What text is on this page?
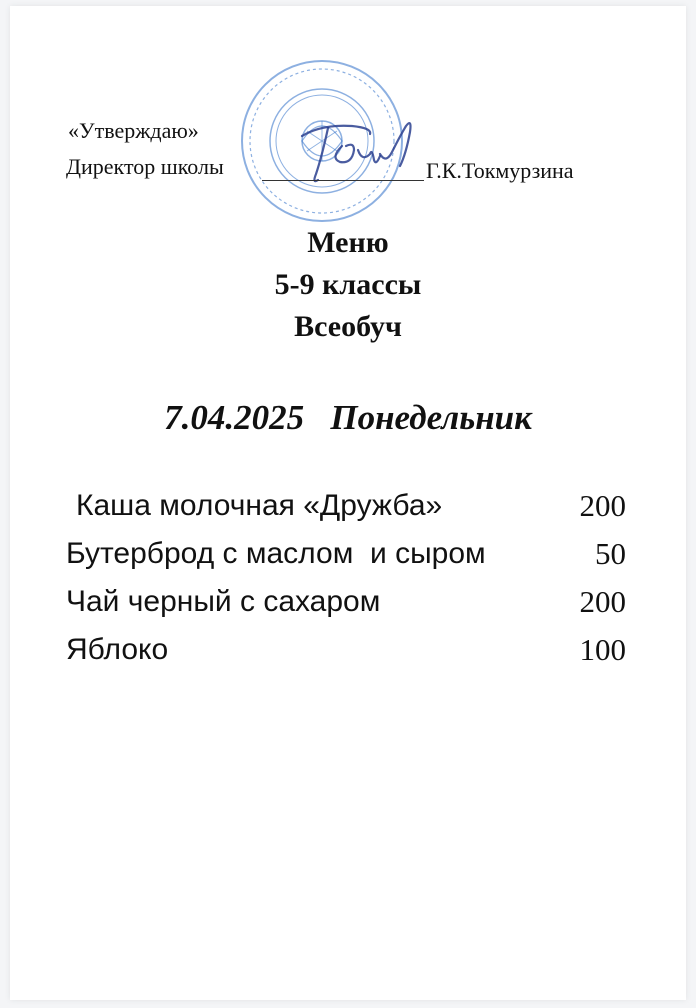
«Утверждаю»
Директор школы	Г.К.Токмурзина
Меню
5-9 классы
Всеобуч
7.04.2025 Понедельник
Каша молочная «Дружба»	200
Бутерброд с маслом  и сыром	50
Чай черный с сахаром	200
Яблоко	100
